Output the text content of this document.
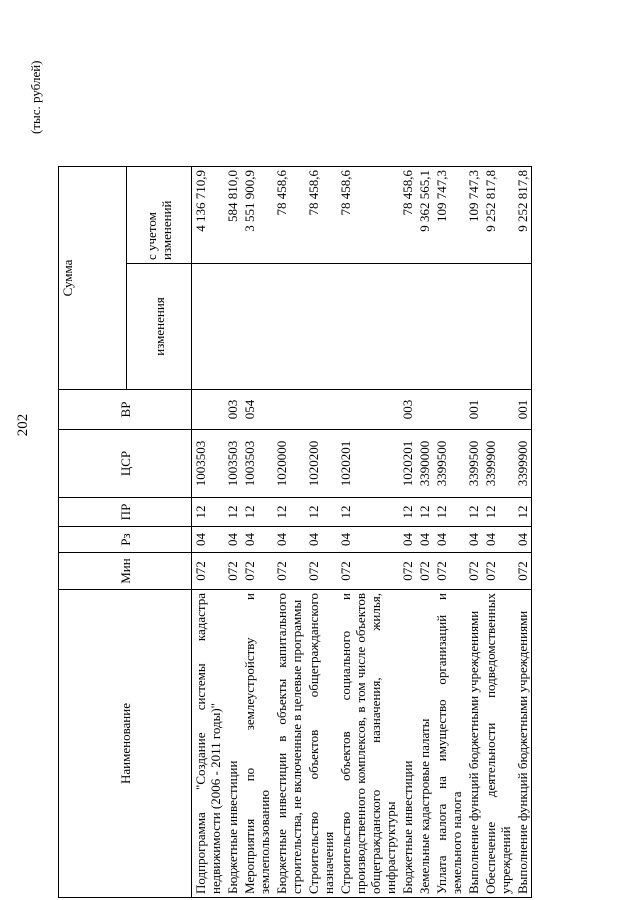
202
(тыс. рублей)
Наименование	Мин	Рз	ПР	ЦСР	ВР	Сумма	
						изменения	с учетом изменений
Подпрограмма "Создание системы кадастра недвижимости (2006 - 2011 годы)"	072	04	12	1003503			4 136 710,9
Бюджетные инвестиции	072	04	12	1003503	003		584 810,0
Мероприятия по землеустройству и землепользованию	072	04	12	1003503	054		3 551 900,9
Бюджетные инвестиции в объекты капитального строительства, не включенные в целевые программы	072	04	12	1020000			78 458,6
Строительство объектов общегражданского назначения	072	04	12	1020200			78 458,6
Строительство объектов социального и производственного комплексов, в том числе объектов общегражданского назначения, жилья, инфраструктуры	072	04	12	1020201			78 458,6
Бюджетные инвестиции	072	04	12	1020201	003		78 458,6
Земельные кадастровые палаты	072	04	12	3390000			9 362 565,1
Уплата налога на имущество организаций и земельного налога	072	04	12	3399500			109 747,3
Выполнение функций бюджетными учреждениями	072	04	12	3399500	001		109 747,3
Обеспечение деятельности подведомственных учреждений	072	04	12	3399900			9 252 817,8
Выполнение функций бюджетными учреждениями	072	04	12	3399900	001		9 252 817,8
